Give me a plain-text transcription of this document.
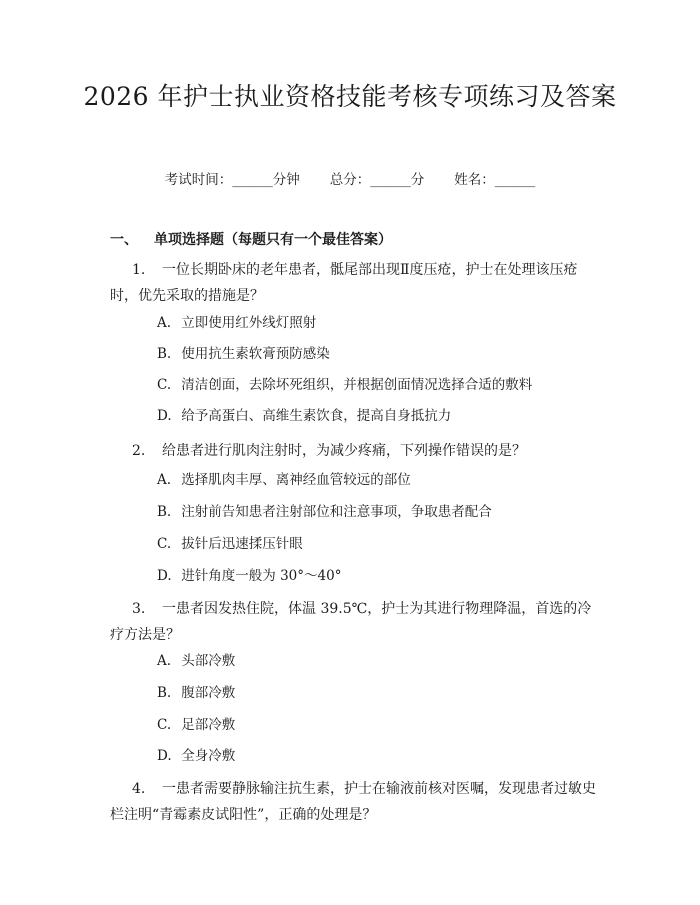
2026 年护士执业资格技能考核专项练习及答案
考试时间：______分钟 总分：______分 姓名：______
一、 单项选择题（每题只有一个最佳答案）
1. 一位长期卧床的老年患者，骶尾部出现Ⅱ度压疮，护士在处理该压疮时，优先采取的措施是？
A. 立即使用红外线灯照射
B. 使用抗生素软膏预防感染
C. 清洁创面，去除坏死组织，并根据创面情况选择合适的敷料
D. 给予高蛋白、高维生素饮食，提高自身抵抗力
2. 给患者进行肌肉注射时，为减少疼痛，下列操作错误的是？
A. 选择肌肉丰厚、离神经血管较远的部位
B. 注射前告知患者注射部位和注意事项，争取患者配合
C. 拔针后迅速揉压针眼
D. 进针角度一般为 30°～40°
3. 一患者因发热住院，体温 39.5℃，护士为其进行物理降温，首选的冷疗方法是？
A. 头部冷敷
B. 腹部冷敷
C. 足部冷敷
D. 全身冷敷
4. 一患者需要静脉输注抗生素，护士在输液前核对医嘱，发现患者过敏史栏注明“青霉素皮试阳性”，正确的处理是？
